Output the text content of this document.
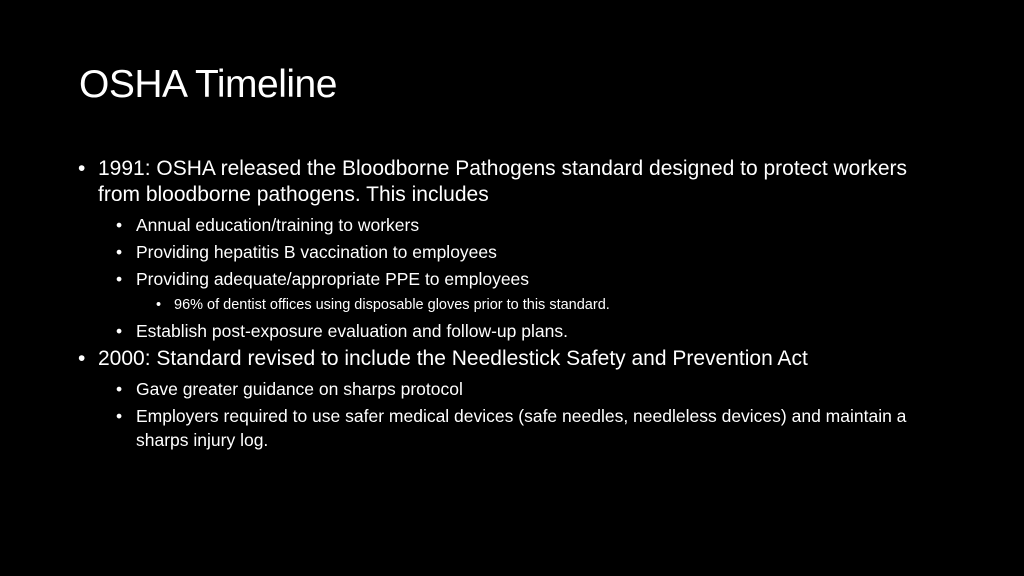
OSHA Timeline
• 1991: OSHA released the Bloodborne Pathogens standard designed to protect workers from bloodborne pathogens. This includes
• Annual education/training to workers
• Providing hepatitis B vaccination to employees
• Providing adequate/appropriate PPE to employees
• 96% of dentist offices using disposable gloves prior to this standard.
• Establish post-exposure evaluation and follow-up plans.
• 2000: Standard revised to include the Needlestick Safety and Prevention Act
• Gave greater guidance on sharps protocol
• Employers required to use safer medical devices (safe needles, needleless devices) and maintain a sharps injury log.
